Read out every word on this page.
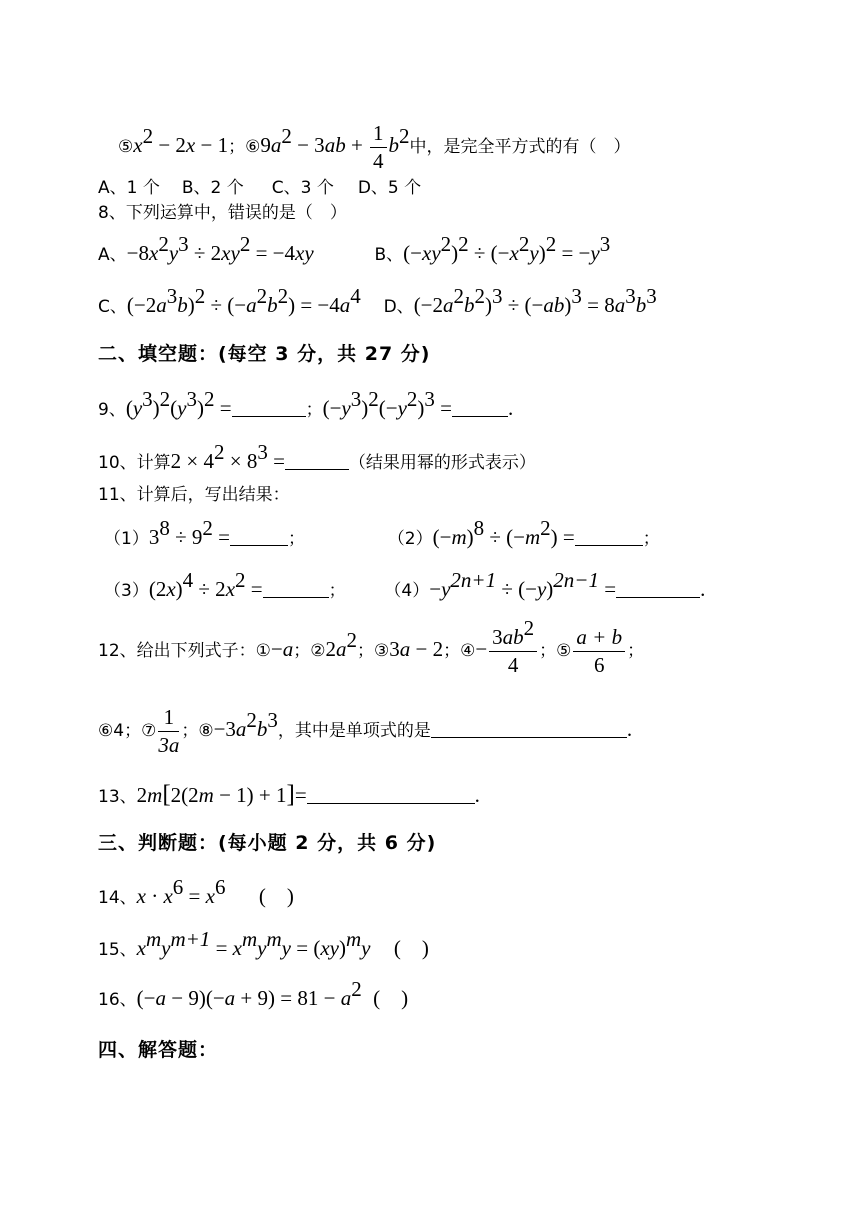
$⑤x^2 - 2x - 1$；$⑥9a^2 - 3ab + \frac{1}{4} b^2$中，是完全平方式的有（　）
A、1 个 B、2 个 C、3 个 D、5 个
8、下列运算中，错误的是（　）
A、$-8x^2y^3 \div 2xy^2 = -4xy$	B、$(-xy^2)^2 \div (-x^2y)^2 = -y^3$
C、$(-2a^3b)^2 \div (-a^2b^2) = -4a^4$ D、$(-2a^2b^2)^3 \div (-ab)^3 = 8a^3b^3$
二、填空题：(每空 3 分，共 27 分)
9、$(y^3)^2(y^3)^2$ =	；$(-y^3)^2(-y^2)^3$ =	.
10、计算$2 \times 4^2 \times 8^3$ =	（结果用幂的形式表示）
11、计算后，写出结果：
$(1)3^8 \div 9^2$ =	；	$(2)(-m)^8 \div (-m^2)$ =	；
$(3)(2x)^4 \div 2x^2$ =	； $(4)-y^{2n+1} \div (-y)^{2n-1}$ =	.
12、给出下列式子：①−a；$②2a^2$；③3a − 2；④− $\frac{3ab^2}{4}$ ；⑤ $\frac{a + b}{6}$ ；
⑥4；⑦ $\frac{1}{3a}$ ；$⑧-3a^2b^3$，其中是单项式的是	.
13、2m[2(2m − 1) + 1]=	.
三、判断题：(每小题 2 分，共 6 分)
14、$x \cdot x^6 = x^6$ (　)
15、$x^my^{m+1} = x^my^my = (xy)^my$ (　)
16、$(-a - 9)(-a + 9) = 81 - a^2$ (　)
四、解答题：
